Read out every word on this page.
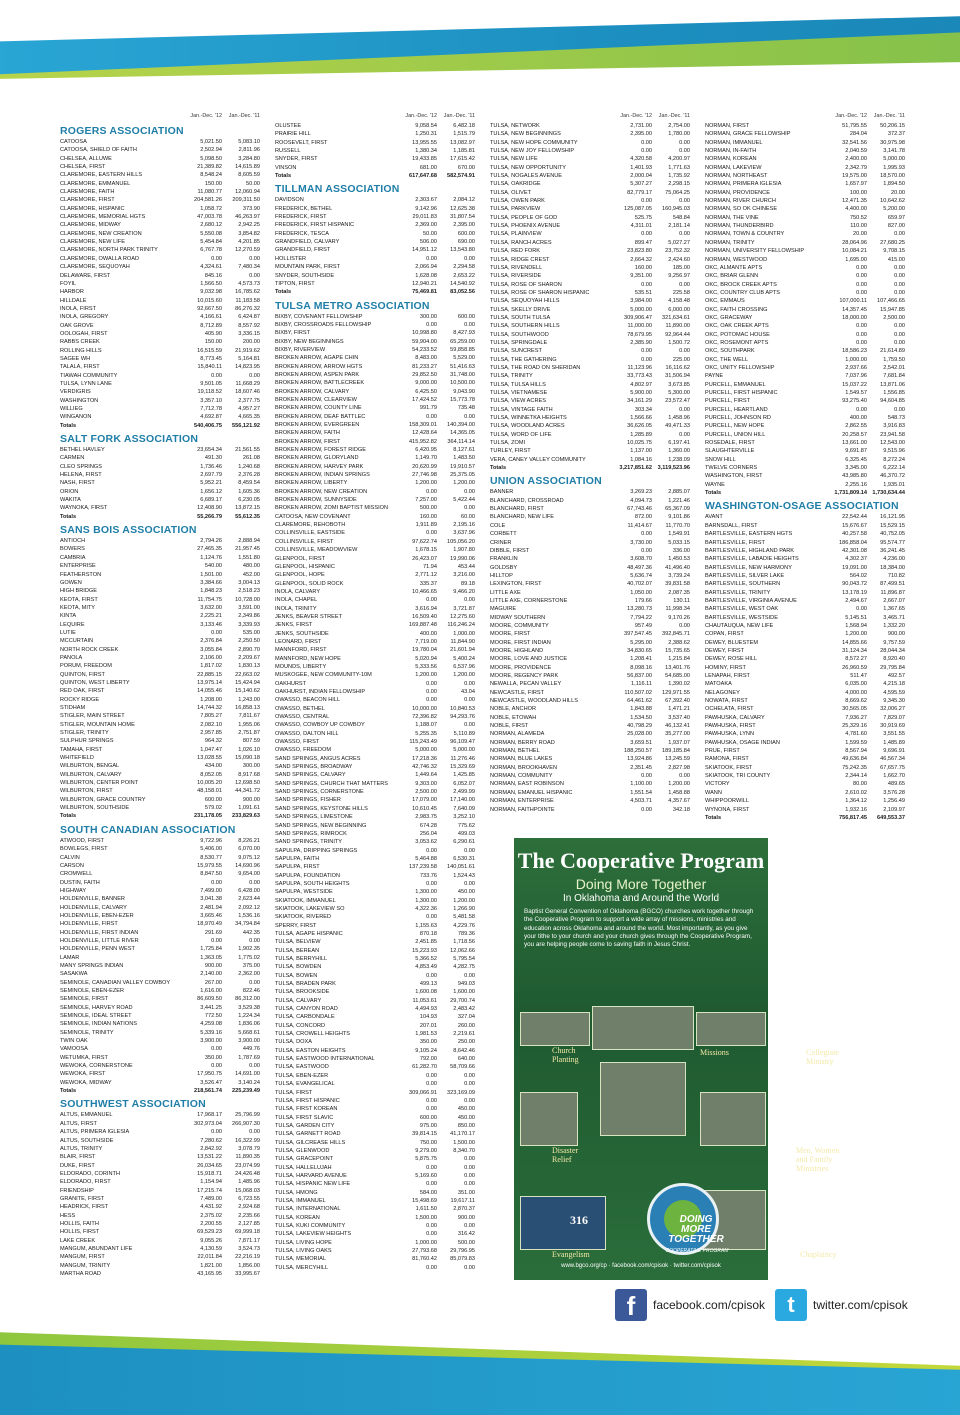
Jan.-Dec. '12	Jan.-Dec. '11
ROGERS ASSOCIATION
CATOOSA	5,021.50	5,083.10
CATOOSA, SHIELD OF FAITH	2,502.94	2,811.96
CHELSEA, ALLUWE	5,098.50	3,284.80
CHELSEA, FIRST	21,389.82	14,615.89
CLAREMORE, EASTERN HILLS	8,548.24	8,605.59
CLAREMORE, EMMANUEL	150.00	50.00
CLAREMORE, FAITH	11,080.77	12,060.94
CLAREMORE, FIRST	204,581.26	209,311.50
CLAREMORE, HISPANIC	1,058.72	373.90
CLAREMORE, MEMORIAL HGTS	47,003.78	46,263.97
CLAREMORE, MIDWAY	2,680.12	2,942.25
CLAREMORE, NEW CREATION	5,550.08	3,854.82
CLAREMORE, NEW LIFE	5,454.84	4,201.85
CLAREMORE, NORTH PARK TRINITY	6,767.78	12,270.59
CLAREMORE, OWALLA ROAD	0.00	0.00
CLAREMORE, SEQUOYAH	4,324.61	7,480.34
DELAWARE, FIRST	845.16	0.00
FOYIL	1,566.50	4,573.73
HARBOR	9,032.98	16,785.62
HILLDALE	10,015.60	11,183.58
INOLA, FIRST	92,667.50	86,276.32
INOLA, GREGORY	4,166.61	6,424.87
OAK GROVE	8,712.89	8,557.92
OOLOGAH, FIRST	405.90	3,336.15
RABBS CREEK	150.00	200.00
ROLLING HILLS	16,515.59	21,919.62
SAGEE WH	8,773.45	5,164.81
TALALA, FIRST	15,840.11	14,823.95
TIAWAH COMMUNITY	0.00	0.00
TULSA, LYNN LANE	9,501.05	11,668.29
VERDIGRIS	19,118.52	18,607.46
WASHINGTON	3,357.10	2,377.75
WILLIEG	7,712.78	4,957.27
WINGANON	4,692.87	4,665.35
Totals	540,406.75	556,121.92
SALT FORK ASSOCIATION
BETHEL HAVLEY	23,654.34	21,561.55
CARMEN	491.30	261.08
CLEO SPRINGS	1,736.46	1,240.68
HELENA, FIRST	2,697.79	2,376.28
NASH, FIRST	5,952.21	8,459.54
ORION	1,656.12	1,605.36
WAKITA	6,689.17	6,230.05
WAYNOKA, FIRST	12,408.90	13,872.15
Totals	55,266.79	55,612.35
SANS BOIS ASSOCIATION
ANTIOCH	2,794.26	2,888.94
BOWERS	27,465.35	21,957.45
CAMBRIA	1,124.76	1,551.80
ENTERPRISE	540.00	480.00
FEATHERSTON	1,501.00	452.00
GOWEN	3,384.66	3,004.13
HIGH BRIDGE	1,848.23	2,518.23
KEOTA, FIRST	11,754.75	10,728.00
KEOTA, MITY	3,632.00	3,591.00
KINTA	2,225.21	2,349.86
LEQUIRE	3,133.46	3,339.93
LUTIE	0.00	535.00
MCCURTAIN	2,376.84	2,250.50
NORTH ROCK CREEK	3,055.84	2,890.70
PANOLA	2,106.00	2,209.67
PORUM, FREEDOM	1,817.02	1,830.13
QUINTON, FIRST	22,885.15	22,663.02
QUINTON, WEST LIBERTY	13,975.14	15,424.94
RED OAK, FIRST	14,055.46	15,140.62
ROCKY RIDGE	1,208.00	1,243.00
STIDHAM	14,744.32	16,858.13
STIGLER, MAIN STREET	7,805.27	7,811.67
STIGLER, MOUNTAIN HOME	2,082.10	1,955.06
STIGLER, TRINITY	2,957.85	2,751.87
SULPHUR SPRINGS	964.32	807.59
TAMAHA, FIRST	1,047.47	1,026.10
WHITEFIELD	13,028.55	15,090.18
WILBURTON, BENGAL	434.00	300.00
WILBURTON, CALVARY	8,052.05	8,917.68
WILBURTON, CENTER POINT	10,005.20	12,698.50
WILBURTON, FIRST	48,158.01	44,341.72
WILBURTON, GRACE COUNTRY	600.00	900.00
WILBURTON, SOUTHSIDE	579.02	1,091.61
Totals	231,178.05	233,829.63
SOUTH CANADIAN ASSOCIATION
ATWOOD, FIRST	9,722.96	8,226.21
BOWLEGS, FIRST	5,406.00	6,070.00
CALVIN	8,530.77	9,075.12
CARSON	15,979.55	14,690.96
CROMWELL	8,847.50	9,654.00
DUSTIN, FAITH	0.00	0.00
HIGHWAY	7,499.00	6,428.00
HOLDENVILLE, BANNER	3,041.38	2,623.44
HOLDENVILLE, CALVARY	2,481.94	2,092.12
HOLDENVILLE, EBEN-EZER	3,665.46	1,536.16
HOLDENVILLE, FIRST	18,970.49	34,794.84
HOLDENVILLE, FIRST INDIAN	291.69	442.35
HOLDENVILLE, LITTLE RIVER	0.00	0.00
HOLDENVILLE, PENN WEST	1,725.84	1,902.35
LAMAR	1,363.05	1,775.02
MANY SPRINGS INDIAN	900.00	375.00
SASAKWA	2,140.00	2,362.00
SEMINOLE, CANADIAN VALLEY COWBOY	267.00	0.00
SEMINOLE, EBEN-EZER	1,616.00	822.46
SEMINOLE, FIRST	86,609.50	86,312.00
SEMINOLE, HARVEY ROAD	3,441.25	3,529.38
SEMINOLE, IDEAL STREET	772.50	1,224.34
SEMINOLE, INDIAN NATIONS	4,259.08	1,836.06
SEMINOLE, TRINITY	5,339.16	5,668.61
TWIN OAK	3,900.00	3,900.00
VAMOOSA	0.00	449.76
WETUMKA, FIRST	350.00	1,787.69
WEWOKA, CORNERSTONE	0.00	0.00
WEWOKA, FIRST	17,950.75	14,691.00
WEWOKA, MIDWAY	3,526.47	3,140.24
Totals	218,561.74	225,239.49
SOUTHWEST ASSOCIATION
ALTUS, EMMANUEL	17,968.17	25,796.99
ALTUS, FIRST	302,973.04	266,907.30
ALTUS, PRIMERA IGLESIA	0.00	0.00
ALTUS, SOUTHSIDE	7,280.62	16,322.99
ALTUS, TRINITY	2,842.92	3,078.79
BLAIR, FIRST	13,531.22	11,890.35
DUKE, FIRST	26,034.65	23,074.99
ELDORADO, CORINTH	15,918.71	24,426.48
ELDORADO, FIRST	1,154.94	1,485.96
FRIENDSHIP	17,215.74	15,068.03
GRANITE, FIRST	7,489.00	6,723.55
HEADRICK, FIRST	4,431.92	2,924.68
HESS	2,375.02	2,235.66
HOLLIS, FAITH	2,200.55	2,127.85
HOLLIS, FIRST	69,529.23	69,999.18
LAKE CREEK	9,055.26	7,871.17
MANGUM, ABUNDANT LIFE	4,130.59	3,524.73
MANGUM, FIRST	22,011.84	22,216.19
MANGUM, TRINITY	1,821.00	1,856.00
MARTHA ROAD	43,165.95	33,995.67
Jan.-Dec. '12	Jan.-Dec. '11
OLUSTEE	9,058.54	6,482.18
PRAIRIE HILL	1,250.31	1,515.79
ROOSEVELT, FIRST	13,955.55	13,082.97
RUSSELL	1,380.34	1,185.81
SNYDER, FIRST	19,433.85	17,615.42
VINSON	681.00	670.00
Totals	617,647.68	582,574.91
TILLMAN ASSOCIATION
DAVIDSON	2,303.67	2,084.12
FREDERICK, BETHEL	9,142.96	12,625.38
FREDERICK, FIRST	29,011.83	31,807.54
FREDERICK, FIRST HISPANIC	2,369.00	2,395.00
FREDERICK, TESCA	50.00	600.00
GRANDFIELD, CALVARY	506.00	690.00
GRANDFIELD, FIRST	14,951.12	13,543.80
HOLLISTER	0.00	0.00
MOUNTAIN PARK, FIRST	2,066.94	2,294.58
SNYDER, SOUTHSIDE	1,628.08	2,653.22
TIPTON, FIRST	12,940.21	14,540.92
Totals	75,469.81	83,052.56
TULSA METRO ASSOCIATION
BIXBY, COVENANT FELLOWSHIP	300.00	600.00
BIXBY, CROSSROADS FELLOWSHIP	0.00	0.00
BIXBY, FIRST	10,998.80	8,427.93
BIXBY, NEW BEGINNINGS	59,904.00	65,259.00
BIXBY, RIVERVIEW	54,233.52	59,858.85
BROKEN ARROW, AGAPE CHIN	8,483.00	5,529.00
BROKEN ARROW, ARROW HGTS	81,233.27	51,416.63
BROKEN ARROW, ASPEN PARK	29,852.50	31,748.00
BROKEN ARROW, BATTLECREEK	9,000.00	10,500.00
BROKEN ARROW, CALVARY	6,425.50	9,043.90
BROKEN ARROW, CLEARVIEW	17,424.52	15,773.78
BROKEN ARROW, COUNTY LINE	991.79	735.48
BROKEN ARROW, DEAF BATTLEC	0.00	0.00
BROKEN ARROW, EVERGREEN	158,309.01	140,394.00
BROKEN ARROW, FAITH	12,428.64	14,365.05
BROKEN ARROW, FIRST	415,952.82	364,114.14
BROKEN ARROW, FOREST RIDGE	6,420.95	8,127.61
BROKEN ARROW, GLORYLAND	1,149.70	1,483.50
BROKEN ARROW, HARVEY PARK	20,620.99	19,910.57
BROKEN ARROW, INDIAN SPRINGS	27,746.98	25,375.05
BROKEN ARROW, LIBERTY	1,200.00	1,200.00
BROKEN ARROW, NEW CREATION	0.00	0.00
BROKEN ARROW, SUNNYSIDE	7,257.00	5,422.44
BROKEN ARROW, ZOMI BAPTIST MISSION	500.00	0.00
CATOOSA, NEW COVENANT	160.00	60.00
CLAREMORE, REHOBOTH	1,911.89	2,195.16
COLLINSVILLE, EASTSIDE	0.00	3,637.96
COLLINSVILLE, FIRST	97,622.74	105,056.20
COLLINSVILLE, MEADOWVIEW	1,678.15	1,907.80
GLENPOOL, FIRST	26,423.07	19,990.06
GLENPOOL, HISPANIC	71.94	453.44
GLENPOOL, HOPE	2,771.12	3,216.00
GLENPOOL, SOLID ROCK	335.37	89.18
INOLA, CALVARY	10,466.65	9,466.20
INOLA, CHAPEL	0.00	0.00
INOLA, TRINITY	3,616.94	3,721.87
JENKS, BEAVER STREET	16,509.40	12,275.60
JENKS, FIRST	169,887.48	116,246.24
JENKS, SOUTHSIDE	400.00	1,000.00
LEONARD, FIRST	7,719.00	11,844.90
MANNFORD, FIRST	19,780.04	21,601.94
MANNFORD, NEW HOPE	5,020.94	5,400.24
MOUNDS, LIBERTY	5,333.56	6,537.96
MUSKOGEE, NEW COMMUNITY-10M	1,200.00	1,200.00
OAKHURST	0.00	0.00
OAKHURST, INDIAN FELLOWSHIP	0.00	43.04
OWASSO, BEACON HILL	0.00	0.00
OWASSO, BETHEL	10,000.00	10,840.53
OWASSO, CENTRAL	72,396.82	94,293.76
OWASSO, COWBOY UP COWBOY	1,188.07	0.00
OWASSO, DALTON HILL	5,255.35	5,110.89
OWASSO, FIRST	115,243.49	96,109.47
OWASSO, FREEDOM	5,000.00	5,000.00
SAND SPRINGS, ANGUS ACRES	17,218.36	11,276.46
SAND SPRINGS, BROADWAY	42,746.32	15,329.69
SAND SPRINGS, CALVARY	1,449.64	1,425.85
SAND SPRINGS, CHURCH THAT MATTERS	9,303.00	6,052.07
SAND SPRINGS, CORNERSTONE	2,500.00	2,499.99
SAND SPRINGS, FISHER	17,079.00	17,140.00
SAND SPRINGS, KEYSTONE HILLS	10,610.45	7,640.09
SAND SPRINGS, LIMESTONE	2,983.75	3,252.10
SAND SPRINGS, NEW BEGINNING	674.28	775.62
SAND SPRINGS, RIMROCK	256.04	499.03
SAND SPRINGS, TRINITY	3,053.62	6,290.61
SAPULPA, DRIPPING SPRINGS	0.00	0.00
SAPULPA, FAITH	5,464.88	6,530.31
SAPULPA, FIRST	137,239.58	140,051.61
SAPULPA, FOUNDATION	733.76	1,524.43
SAPULPA, SOUTH HEIGHTS	0.00	0.00
SAPULPA, WESTSIDE	1,300.00	450.00
SKIATOOK, IMMANUEL	1,300.00	1,200.00
SKIATOOK, LAKEVIEW SO	4,322.36	1,266.90
SKIATOOK, RIVERED	0.00	5,481.58
SPERRY, FIRST	1,155.63	4,229.76
TULSA, AGAPE HISPANIC	870.18	789.36
TULSA, BELVIEW	2,451.85	1,718.56
TULSA, BEREAN	15,223.93	12,062.66
TULSA, BERRYHILL	5,366.52	5,795.54
TULSA, BOWDEN	4,853.49	4,282.75
TULSA, BOWEN	0.00	0.00
TULSA, BRADEN PARK	499.13	949.03
TULSA, BROOKSIDE	1,600.08	1,600.00
TULSA, CALVARY	11,053.61	29,700.74
TULSA, CANYON ROAD	4,494.93	2,483.42
TULSA, CARBONDALE	104.93	327.04
TULSA, CONCORD	207.01	260.00
TULSA, CROWELL HEIGHTS	1,981.53	2,219.61
TULSA, DOXA	350.00	250.00
TULSA, EASTON HEIGHTS	9,105.24	8,642.46
TULSA, EASTWOOD INTERNATIONAL	792.00	640.00
TULSA, EASTWOOD	61,282.70	58,709.66
TULSA, EBEN-EZER	0.00	0.00
TULSA, EVANGELICAL	0.00	0.00
TULSA, FIRST	309,066.91	323,169.09
TULSA, FIRST HISPANIC	0.00	0.00
TULSA, FIRST KOREAN	0.00	450.00
TULSA, FIRST SLAVIC	600.00	450.00
TULSA, GARDEN CITY	975.00	850.00
TULSA, GARNETT ROAD	39,814.15	41,170.17
TULSA, GILCREASE HILLS	750.00	1,500.00
TULSA, GLENWOOD	9,279.00	8,340.70
TULSA, GRACEPOINT	5,875.75	0.00
TULSA, HALLELUJAH	0.00	0.00
TULSA, HARVARD AVENUE	5,169.60	0.00
TULSA, HISPANIC NEW LIFE	0.00	0.00
TULSA, HMONG	584.00	351.00
TULSA, IMMANUEL	15,498.69	19,617.11
TULSA, INTERNATIONAL	1,611.50	2,870.37
TULSA, KOREAN	1,500.00	900.00
TULSA, KUKI COMMUNITY	0.00	0.00
TULSA, LAKEVIEW HEIGHTS	0.00	316.42
TULSA, LIVING HOPE	1,000.00	500.00
TULSA, LIVING OAKS	27,793.68	29,796.95
TULSA, MEMORIAL	81,760.42	85,079.83
TULSA, MERCYHILL	0.00	0.00
Jan.-Dec. '12	Jan.-Dec. '11
TULSA, NETWORK	2,731.00	2,754.00
TULSA, NEW BEGINNINGS	2,395.00	1,780.00
TULSA, NEW HOPE COMMUNITY	0.00	0.00
TULSA, NEW JOY FELLOWSHIP	0.00	0.00
TULSA, NEW LIFE	4,320.58	4,200.97
TULSA, NEW OPPORTUNITY	1,401.93	1,771.63
TULSA, NOGALES AVENUE	2,000.04	1,735.92
TULSA, OAKRIDGE	5,307.27	2,298.15
TULSA, OLIVET	82,779.17	75,064.25
TULSA, OWEN PARK	0.00	0.00
TULSA, PARKVIEW	125,087.05	160,945.03
TULSA, PEOPLE OF GOD	525.75	548.84
TULSA, PHOENIX AVENUE	4,311.01	2,181.14
TULSA, PLAINVIEW	0.00	0.00
TULSA, RANCH ACRES	899.47	5,027.27
TULSA, RED FORK	23,823.80	23,752.32
TULSA, RIDGE CREST	2,664.32	2,424.60
TULSA, RIVENDELL	160.00	185.00
TULSA, RIVERSIDE	9,351.00	9,256.97
TULSA, ROSE OF SHARON	0.00	0.00
TULSA, ROSE OF SHARON HISPANIC	535.51	225.58
TULSA, SEQUOYAH HILLS	3,984.00	4,158.48
TULSA, SKELLY DRIVE	5,000.00	6,000.00
TULSA, SOUTH TULSA	309,906.47	321,634.61
TULSA, SOUTHERN HILLS	11,000.00	11,890.00
TULSA, SOUTHWOOD	78,679.95	92,964.44
TULSA, SPRINGDALE	2,385.90	1,500.72
TULSA, SUNCREST	0.00	0.00
TULSA, THE GATHERING	0.00	225.00
TULSA, THE ROAD ON SHERIDAN	11,123.96	16,116.62
TULSA, TRINITY	33,773.43	31,506.94
TULSA, TULSA HILLS	4,802.97	3,673.85
TULSA, VIETNAMESE	5,900.00	5,300.00
TULSA, VIEW ACRES	34,161.29	23,572.47
TULSA, VINTAGE FAITH	303.34	0.00
TULSA, WINNETKA HEIGHTS	1,566.66	1,458.96
TULSA, WOODLAND ACRES	36,626.05	49,471.33
TULSA, WORD OF LIFE	1,285.89	0.00
TULSA, ZOMI	10,025.75	6,197.41
TURLEY, FIRST	1,137.00	1,360.00
VERA, CANEY VALLEY COMMUNITY	1,084.16	1,238.09
Totals	3,217,851.62	3,119,523.96
UNION ASSOCIATION
BANNER	3,269.23	2,885.07
BLANCHARD, CROSSROAD	4,094.73	1,221.46
BLANCHARD, FIRST	67,743.46	65,367.09
BLANCHARD, NEW LIFE	872.00	9,101.86
COLE	11,414.67	11,770.70
CORBETT	0.00	1,549.91
CRINER	3,730.00	5,033.15
DIBBLE, FIRST	0.00	336.00
FRANKLIN	3,608.70	1,450.53
GOLDSBY	48,497.36	41,496.40
HILLTOP	5,636.74	3,739.24
LEXINGTON, FIRST	40,702.07	39,831.58
LITTLE AXE	1,050.00	2,087.35
LITTLE AXE, CORNERSTONE	179.66	130.11
MAGUIRE	13,280.73	11,998.34
MIDWAY SOUTHERN	7,794.22	9,170.26
MOORE, COMMUNITY	957.49	0.00
MOORE, FIRST	397,547.45	392,845.71
MOORE, FIRST INDIAN	5,295.00	2,388.62
MOORE, HIGHLAND	34,830.65	15,735.65
MOORE, LOVE AND JUSTICE	1,208.41	1,215.84
MOORE, PROVIDENCE	8,098.16	13,401.76
MOORE, REGENCY PARK	56,837.00	54,685.00
NEWALLA, PECAN VALLEY	1,116.11	1,390.02
NEWCASTLE, FIRST	110,507.02	129,971.55
NEWCASTLE, WOODLAND HILLS	64,461.62	67,392.40
NOBLE, ANCHOR	1,843.88	1,471.21
NOBLE, ETOWAH	1,534.50	3,537.40
NOBLE, FIRST	40,798.29	46,132.41
NORMAN, ALAMEDA	25,028.00	35,277.00
NORMAN, BERRY ROAD	3,659.51	1,937.07
NORMAN, BETHEL	188,250.57	189,185.84
NORMAN, BLUE LAKES	13,924.86	13,245.59
NORMAN, BROOKHAVEN	2,351.45	2,827.98
NORMAN, COMMUNITY	0.00	0.00
NORMAN, EAST ROBINSON	1,100.00	1,200.00
NORMAN, EMANUEL HISPANIC	1,551.54	1,458.88
NORMAN, ENTERPRISE	4,503.71	4,357.67
NORMAN, FAITHPOINTE	0.00	342.18
Jan.-Dec. '12	Jan.-Dec. '11
NORMAN, FIRST	51,795.55	50,206.15
NORMAN, GRACE FELLOWSHIP	284.04	372.37
NORMAN, IMMANUEL	32,541.56	30,975.98
NORMAN, IN-FAITH	2,040.59	3,141.78
NORMAN, KOREAN	2,400.00	5,000.00
NORMAN, LAKEVIEW	2,342.79	1,995.93
NORMAN, NORTHEAST	19,575.00	18,570.00
NORMAN, PRIMERA IGLESIA	1,657.97	1,894.50
NORMAN, PROVIDENCE	100.00	20.00
NORMAN, RIVER CHURCH	12,471.35	10,642.62
NORMAN, SO OK CHINESE	4,400.00	5,200.00
NORMAN, THE VINE	750.52	659.97
NORMAN, THUNDERBIRD	110.00	827.00
NORMAN, TOWN & COUNTRY	20.00	0.00
NORMAN, TRINITY	28,064.96	27,680.25
NORMAN, UNIVERSITY FELLOWSHIP	10,084.21	9,708.15
NORMAN, WESTWOOD	1,695.00	415.00
OKC, ALMANTE APTS	0.00	0.00
OKC, BRIAR GLENN	0.00	0.00
OKC, BROCK CREEK APTS	0.00	0.00
OKC, COUNTRY CLUB APTS	0.00	0.00
OKC, EMMAUS	107,000.11	107,466.65
OKC, FAITH CROSSING	14,357.45	15,947.85
OKC, GRACEWAY	18,000.00	2,500.00
OKC, OAK CREEK APTS	0.00	0.00
OKC, POTOMAC HOUSE	0.00	0.00
OKC, ROSEMONT APTS	0.00	0.00
OKC, SOUTHPARK	18,586.23	21,614.89
OKC, THE WELL	1,000.00	1,759.50
OKC, UNITY FELLOWSHIP	2,937.66	2,542.01
PAYNE	7,037.96	7,681.84
PURCELL, EMMANUEL	15,037.22	13,871.06
PURCELL, FIRST HISPANIC	1,549.57	1,556.85
PURCELL, FIRST	93,275.40	94,604.85
PURCELL, HEARTLAND	0.00	0.00
PURCELL, JOHNSON RD	400.00	548.73
PURCELL, NEW HOPE	2,862.55	3,916.83
PURCELL, UNION HILL	20,258.57	23,941.58
ROSEDALE, FIRST	13,661.00	12,543.00
SLAUGHTERVILLE	9,691.87	9,515.96
SNOW HILL	6,325.45	8,272.24
TWELVE CORNERS	3,345.00	6,222.14
WASHINGTON, FIRST	43,985.80	46,370.72
WAYNE	2,255.16	1,935.01
Totals	1,731,809.14 1,730,634.44
WASHINGTON-OSAGE ASSOCIATION
AVANT	22,542.44	16,121.95
BARNSDALL, FIRST	15,676.67	15,529.15
BARTLESVILLE, EASTERN HGTS	40,257.58	40,752.05
BARTLESVILLE, FIRST	186,858.04	95,574.77
BARTLESVILLE, HIGHLAND PARK	42,301.08	36,241.45
BARTLESVILLE, LABADIE HEIGHTS	4,302.37	4,236.00
BARTLESVILLE, NEW HARMONY	19,091.00	18,384.00
BARTLESVILLE, SILVER LAKE	564.02	710.82
BARTLESVILLE, SOUTHERN	90,043.72	87,499.51
BARTLESVILLE, TRINITY	13,178.19	11,896.87
BARTLESVILLE, VIRGINIA AVENUE	2,494.67	2,667.07
BARTLESVILLE, WEST OAK	0.00	1,367.65
BARTLESVILLE, WESTSIDE	5,145.51	3,465.71
CHAUTAUQUA, NEW LIFE	1,568.94	1,332.20
COPAN, FIRST	1,200.00	900.00
DEWEY, BLUESTEM	14,855.66	9,757.59
DEWEY, FIRST	31,124.34	28,044.34
DEWEY, ROSE HILL	8,572.27	8,920.40
HOMINY, FIRST	26,960.59	29,795.84
LENAPAH, FIRST	511.47	492.57
MATOAKA	6,035.00	4,215.18
NELAGONEY	4,000.00	4,595.59
NOWATA, FIRST	8,669.62	9,345.30
OCHELATA, FIRST	30,565.05	32,006.27
PAWHUSKA, CALVARY	7,936.27	7,829.07
PAWHUSKA, FIRST	25,329.16	30,919.69
PAWHUSKA, LYNN	4,781.60	3,551.55
PAWHUSKA, OSAGE INDIAN	1,599.59	1,485.89
PRUE, FIRST	8,567.94	9,696.91
RAMONA, FIRST	49,636.84	46,567.34
SKIATOOK, FIRST	75,242.35	67,657.75
SKIATOOK, TRI COUNTY	2,344.14	1,662.70
VICTORY	80.00	489.65
WANN	2,610.02	3,576.28
WHIPPOORWILL	1,364.12	1,256.49
WYNONA, FIRST	1,932.16	2,109.97
Totals	756,817.45	649,553.37
The Cooperative Program
Doing More Together
In Oklahoma and Around the World
Baptist General Convention of Oklahoma (BGCO) churches work together through the Cooperative Program to support a wide array of missions, ministries and education across Oklahoma and around the world. Most importantly, as you give your tithe to your church and your church gives through the Cooperative Program, you are helping people come to saving faith in Jesus Christ.
Church Planting
Missions	Collegiate Ministry
Disaster Relief
Men, Women and Family Ministries
Evangelism	Chaplaincy
316	DOING MORE TOGETHER
COOPERATIVE PROGRAM
www.bgco.org/cp · facebook.com/cpisok · twitter.com/cpisok
f	facebook.com/cpisok	t	twitter.com/cpisok
